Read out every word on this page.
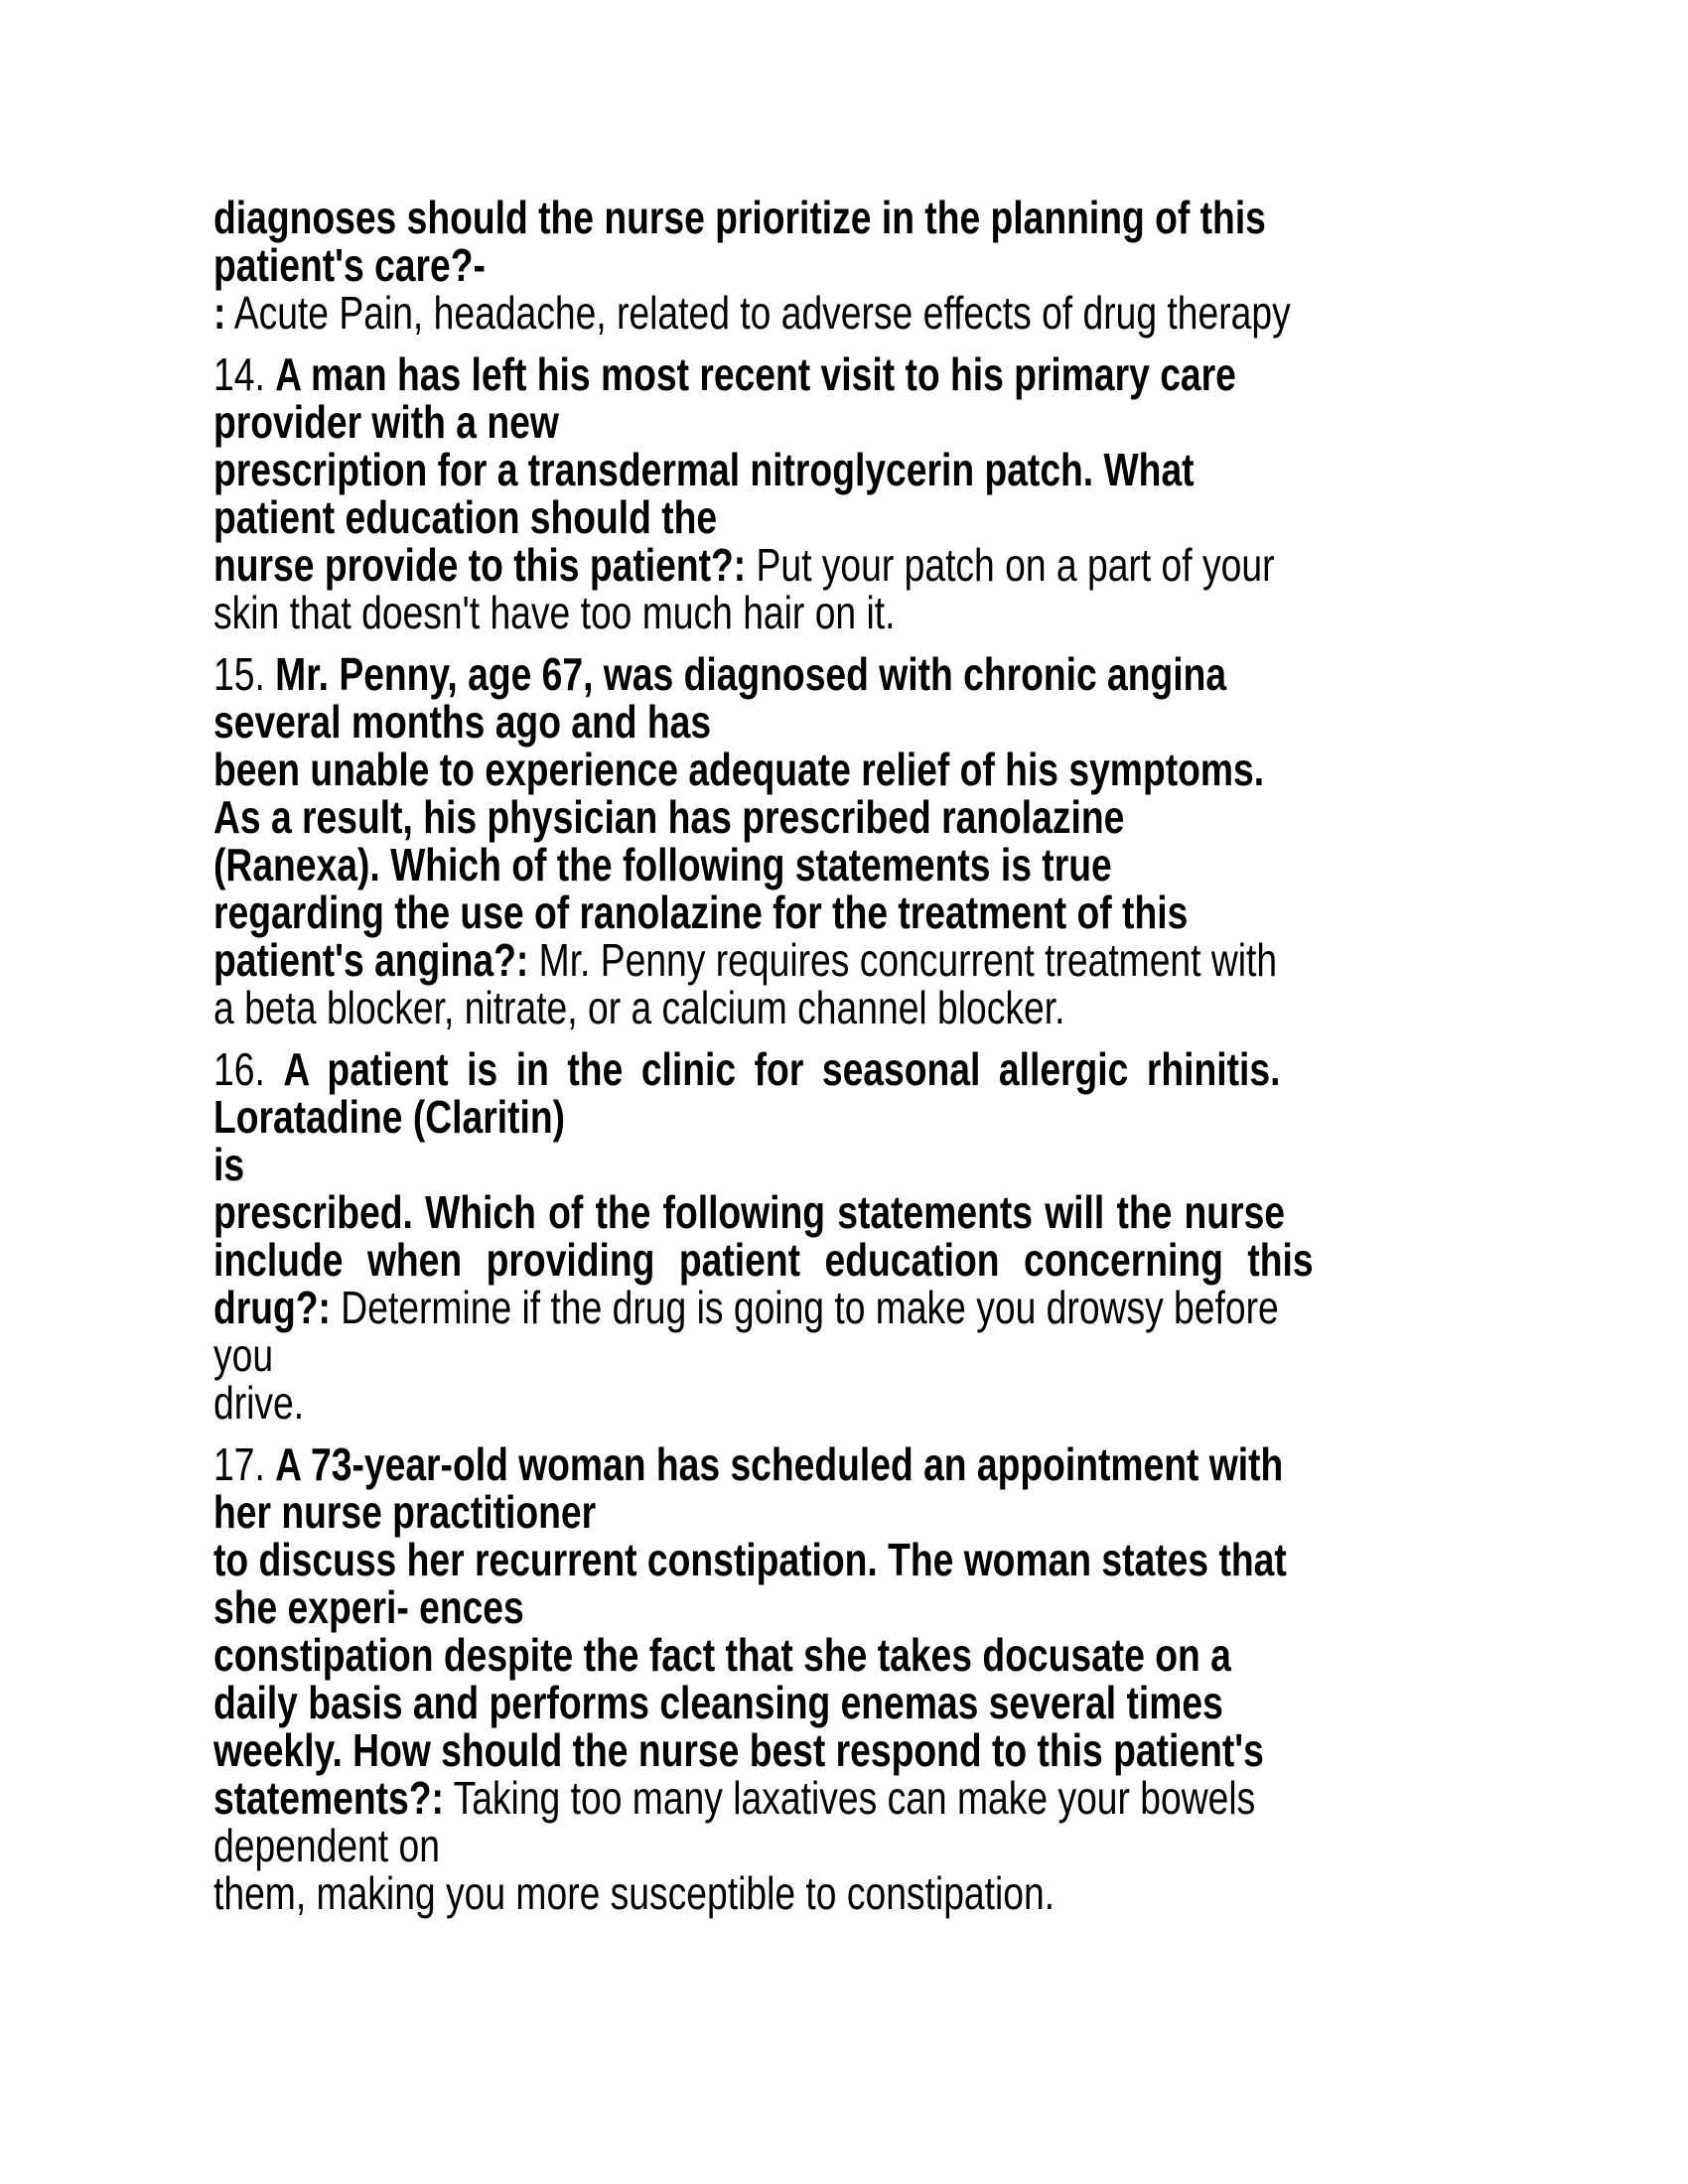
diagnoses should the nurse prioritize in the planning of this
patient's care?-
: Acute Pain, headache, related to adverse effects of drug therapy
14. A man has left his most recent visit to his primary care
provider with a new
prescription for a transdermal nitroglycerin patch. What
patient education should the
nurse provide to this patient?: Put your patch on a part of your
skin that doesn't have too much hair on it.
15. Mr. Penny, age 67, was diagnosed with chronic angina
several months ago and has
been unable to experience adequate relief of his symptoms.
As a result, his physician has prescribed ranolazine
(Ranexa). Which of the following statements is true
regarding the use of ranolazine for the treatment of this
patient's angina?: Mr. Penny requires concurrent treatment with
a beta blocker, nitrate, or a calcium channel blocker.
16. A patient is in the clinic for seasonal allergic rhinitis.
Loratadine (Claritin)
is
prescribed. Which of the following statements will the nurse
include when providing patient education concerning this
drug?: Determine if the drug is going to make you drowsy before
you
drive.
17. A 73-year-old woman has scheduled an appointment with
her nurse practitioner
to discuss her recurrent constipation. The woman states that
she experi- ences
constipation despite the fact that she takes docusate on a
daily basis and performs cleansing enemas several times
weekly. How should the nurse best respond to this patient's
statements?: Taking too many laxatives can make your bowels
dependent on
them, making you more susceptible to constipation.
